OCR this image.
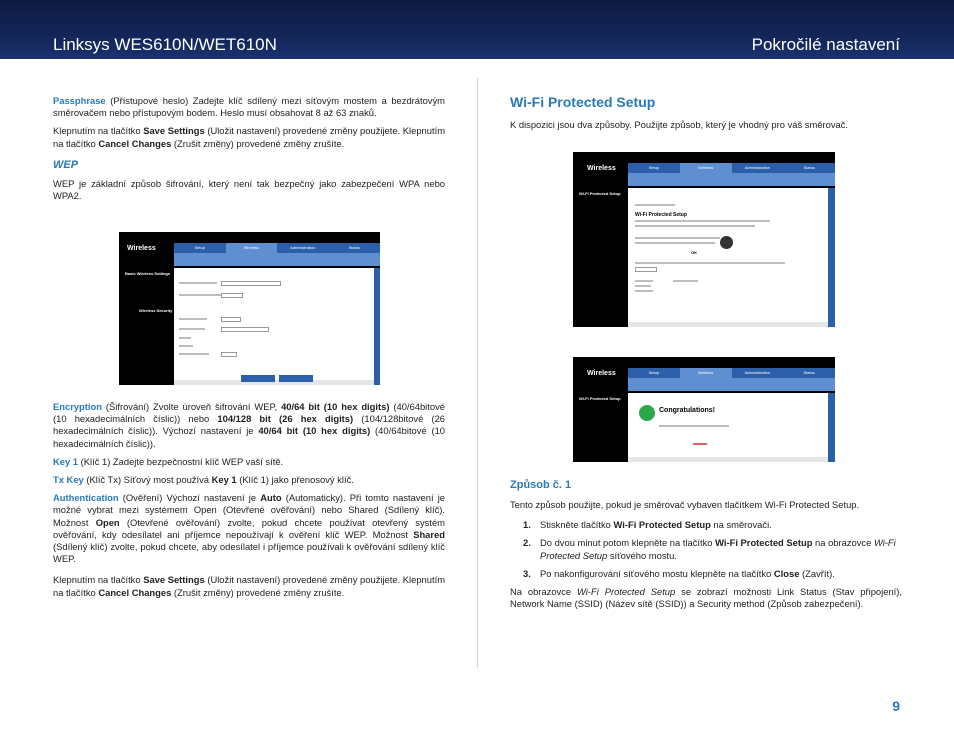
Linksys WES610N/WET610N	Pokročilé nastavení

Passphrase (Přístupové heslo) Zadejte klíč sdílený mezi síťovým mostem a bezdrátovým směrovačem nebo přístupovým bodem. Heslo musí obsahovat 8 až 63 znaků.

Klepnutím na tlačítko Save Settings (Uložit nastavení) provedené změny použijete. Klepnutím na tlačítko Cancel Changes (Zrušit změny) provedené změny zrušíte.

WEP

WEP je základní způsob šifrování, který není tak bezpečný jako zabezpečení WPA nebo WPA2.

Wireless	Setup	Wireless	Administration	Status
Basic Wireless Settings
Wireless Security

Encryption (Šifrování) Zvolte úroveň šifrování WEP, 40/64 bit (10 hex digits) (40/64bitové (10 hexadecimálních číslic)) nebo 104/128 bit (26 hex digits) (104/128bitové (26 hexadecimálních číslic)). Výchozí nastavení je 40/64 bit (10 hex digits) (40/64bitové (10 hexadecimálních číslic)).

Key 1 (Klíč 1) Zadejte bezpečnostní klíč WEP vaší sítě.

Tx Key (Klíč Tx) Síťový most používá Key 1 (Klíč 1) jako přenosový klíč.

Authentication (Ověření) Výchozí nastavení je Auto (Automaticky). Při tomto nastavení je možné vybrat mezi systémem Open (Otevřené ověřování) nebo Shared (Sdílený klíč). Možnost Open (Otevřené ověřování) zvolte, pokud chcete používat otevřený systém ověřování, kdy odesílatel ani příjemce nepoužívají k ověření klíč WEP. Možnost Shared (Sdílený klíč) zvolte, pokud chcete, aby odesílatel i příjemce používali k ověřování sdílený klíč WEP.

Klepnutím na tlačítko Save Settings (Uložit nastavení) provedené změny použijete. Klepnutím na tlačítko Cancel Changes (Zrušit změny) provedené změny zrušíte.

Wi-Fi Protected Setup

K dispozici jsou dva způsoby. Použijte způsob, který je vhodný pro váš směrovač.

Wireless	Setup	Wireless	Administration	Status
Wi-Fi Protected Setup
Wi-Fi Protected Setup
OK
Wireless	Setup	Wireless	Administration	Status
Wi-Fi Protected Setup
Congratulations!
Způsob č. 1

Tento způsob použijte, pokud je směrovač vybaven tlačítkem Wi-Fi Protected Setup.

1. Stiskněte tlačítko Wi-Fi Protected Setup na směrovači.
2. Do dvou minut potom klepněte na tlačítko Wi-Fi Protected Setup na obrazovce Wi-Fi Protected Setup síťového mostu.
3. Po nakonfigurování síťového mostu klepněte na tlačítko Close (Zavřít).

Na obrazovce Wi-Fi Protected Setup se zobrazí možnosti Link Status (Stav připojení), Network Name (SSID) (Název sítě (SSID)) a Security method (Způsob zabezpečení).

9
